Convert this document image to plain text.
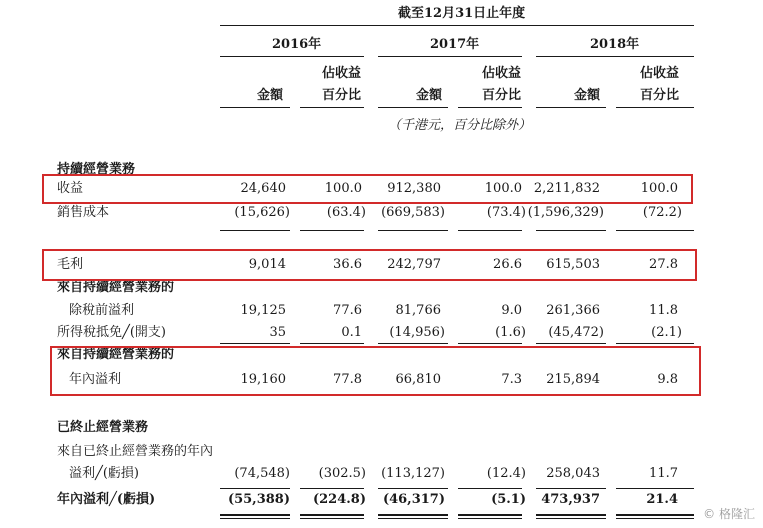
截至12月31日止年度
2016年	2017年	2018年
佔收益	佔收益	佔收益
金額	百分比	金額	百分比	金額	百分比
（千港元，百分比除外）
持續經營業務
收益	24,640	100.0 912,380	100.0 2,211,832	100.0
銷售成本	(15,626)	(63.4) (669,583)	(73.4) (1,596,329)	(72.2)
毛利	9,014	36.6 242,797	26.6 615,503	27.8
來自持續經營業務的
除稅前溢利	19,125	77.6	81,766	9.0 261,366	11.8
所得稅抵免╱(開支)	35	0.1 (14,956)	(1.6) (45,472)	(2.1)
來自持續經營業務的
年內溢利	19,160	77.8	66,810	7.3 215,894	9.8
已終止經營業務
來自已終止經營業務的年內
溢利╱(虧損)	(74,548) (302.5) (113,127)	(12.4) 258,043	11.7
年內溢利╱(虧損)	(55,388) (224.8) (46,317)	(5.1) 473,937	21.4
© 格隆汇
